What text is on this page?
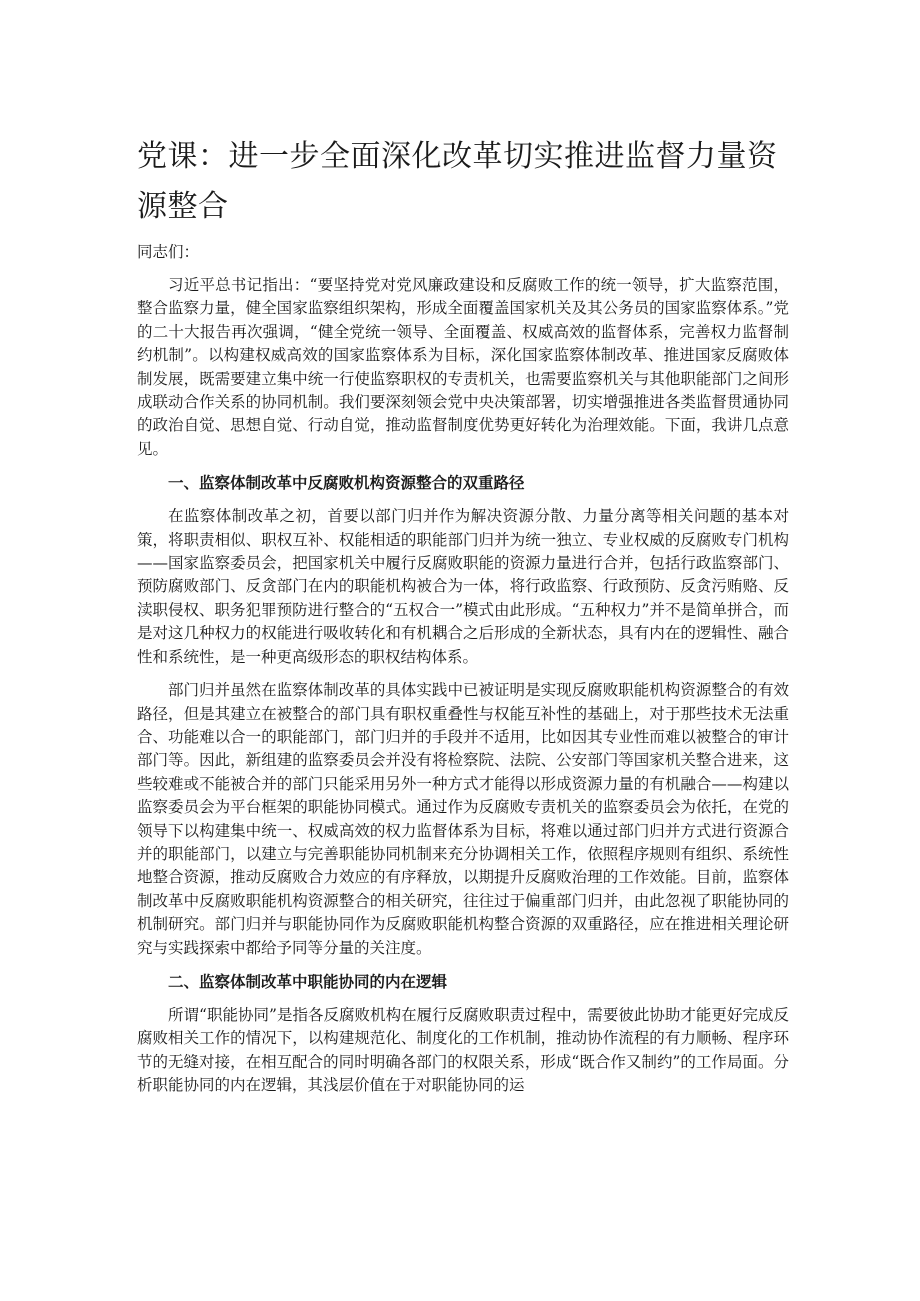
党课：进一步全面深化改革切实推进监督力量资源整合

同志们：

习近平总书记指出：“要坚持党对党风廉政建设和反腐败工作的统一领导，扩大监察范围，整合监察力量，健全国家监察组织架构，形成全面覆盖国家机关及其公务员的国家监察体系。”党的二十大报告再次强调，“健全党统一领导、全面覆盖、权威高效的监督体系，完善权力监督制约机制”。以构建权威高效的国家监察体系为目标，深化国家监察体制改革、推进国家反腐败体制发展，既需要建立集中统一行使监察职权的专责机关，也需要监察机关与其他职能部门之间形成联动合作关系的协同机制。我们要深刻领会党中央决策部署，切实增强推进各类监督贯通协同的政治自觉、思想自觉、行动自觉，推动监督制度优势更好转化为治理效能。下面，我讲几点意见。

一、监察体制改革中反腐败机构资源整合的双重路径

在监察体制改革之初，首要以部门归并作为解决资源分散、力量分离等相关问题的基本对策，将职责相似、职权互补、权能相适的职能部门归并为统一独立、专业权威的反腐败专门机构——国家监察委员会，把国家机关中履行反腐败职能的资源力量进行合并，包括行政监察部门、预防腐败部门、反贪部门在内的职能机构被合为一体，将行政监察、行政预防、反贪污贿赂、反渎职侵权、职务犯罪预防进行整合的“五权合一”模式由此形成。“五种权力”并不是简单拼合，而是对这几种权力的权能进行吸收转化和有机耦合之后形成的全新状态，具有内在的逻辑性、融合性和系统性，是一种更高级形态的职权结构体系。

部门归并虽然在监察体制改革的具体实践中已被证明是实现反腐败职能机构资源整合的有效路径，但是其建立在被整合的部门具有职权重叠性与权能互补性的基础上，对于那些技术无法重合、功能难以合一的职能部门，部门归并的手段并不适用，比如因其专业性而难以被整合的审计部门等。因此，新组建的监察委员会并没有将检察院、法院、公安部门等国家机关整合进来，这些较难或不能被合并的部门只能采用另外一种方式才能得以形成资源力量的有机融合——构建以监察委员会为平台框架的职能协同模式。通过作为反腐败专责机关的监察委员会为依托，在党的领导下以构建集中统一、权威高效的权力监督体系为目标，将难以通过部门归并方式进行资源合并的职能部门，以建立与完善职能协同机制来充分协调相关工作，依照程序规则有组织、系统性地整合资源，推动反腐败合力效应的有序释放，以期提升反腐败治理的工作效能。目前，监察体制改革中反腐败职能机构资源整合的相关研究，往往过于偏重部门归并，由此忽视了职能协同的机制研究。部门归并与职能协同作为反腐败职能机构整合资源的双重路径，应在推进相关理论研究与实践探索中都给予同等分量的关注度。

二、监察体制改革中职能协同的内在逻辑

所谓“职能协同”是指各反腐败机构在履行反腐败职责过程中，需要彼此协助才能更好完成反腐败相关工作的情况下，以构建规范化、制度化的工作机制，推动协作流程的有力顺畅、程序环节的无缝对接，在相互配合的同时明确各部门的权限关系，形成“既合作又制约”的工作局面。分析职能协同的内在逻辑，其浅层价值在于对职能协同的运
